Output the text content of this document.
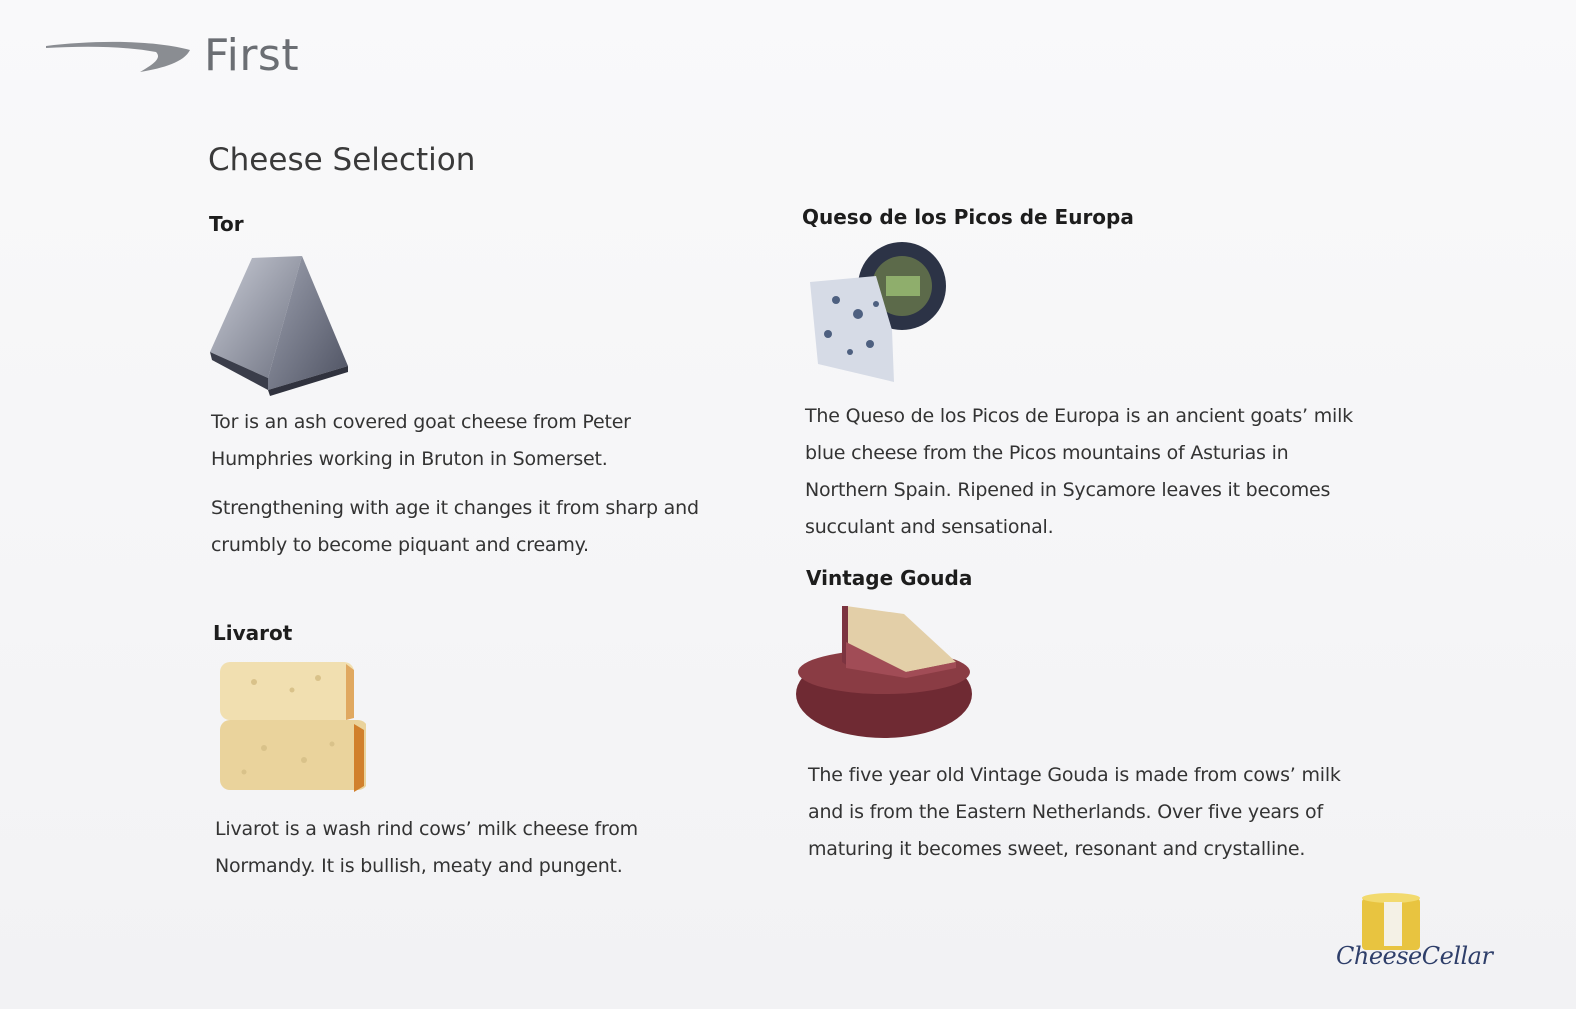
First
Cheese Selection
Tor

Tor is an ash covered goat cheese from Peter Humphries working in Bruton in Somerset.

Strengthening with age it changes it from sharp and crumbly to become piquant and creamy.

Livarot

Livarot is a wash rind cows’ milk cheese from Normandy. It is bullish, meaty and pungent.

Queso de los Picos de Europa

The Queso de los Picos de Europa is an ancient goats’ milk blue cheese from the Picos mountains of Asturias in Northern Spain. Ripened in Sycamore leaves it becomes succulant and sensational.

Vintage Gouda

The five year old Vintage Gouda is made from cows’ milk and is from the Eastern Netherlands. Over five years of maturing it becomes sweet, resonant and crystalline.

CheeseCellar
